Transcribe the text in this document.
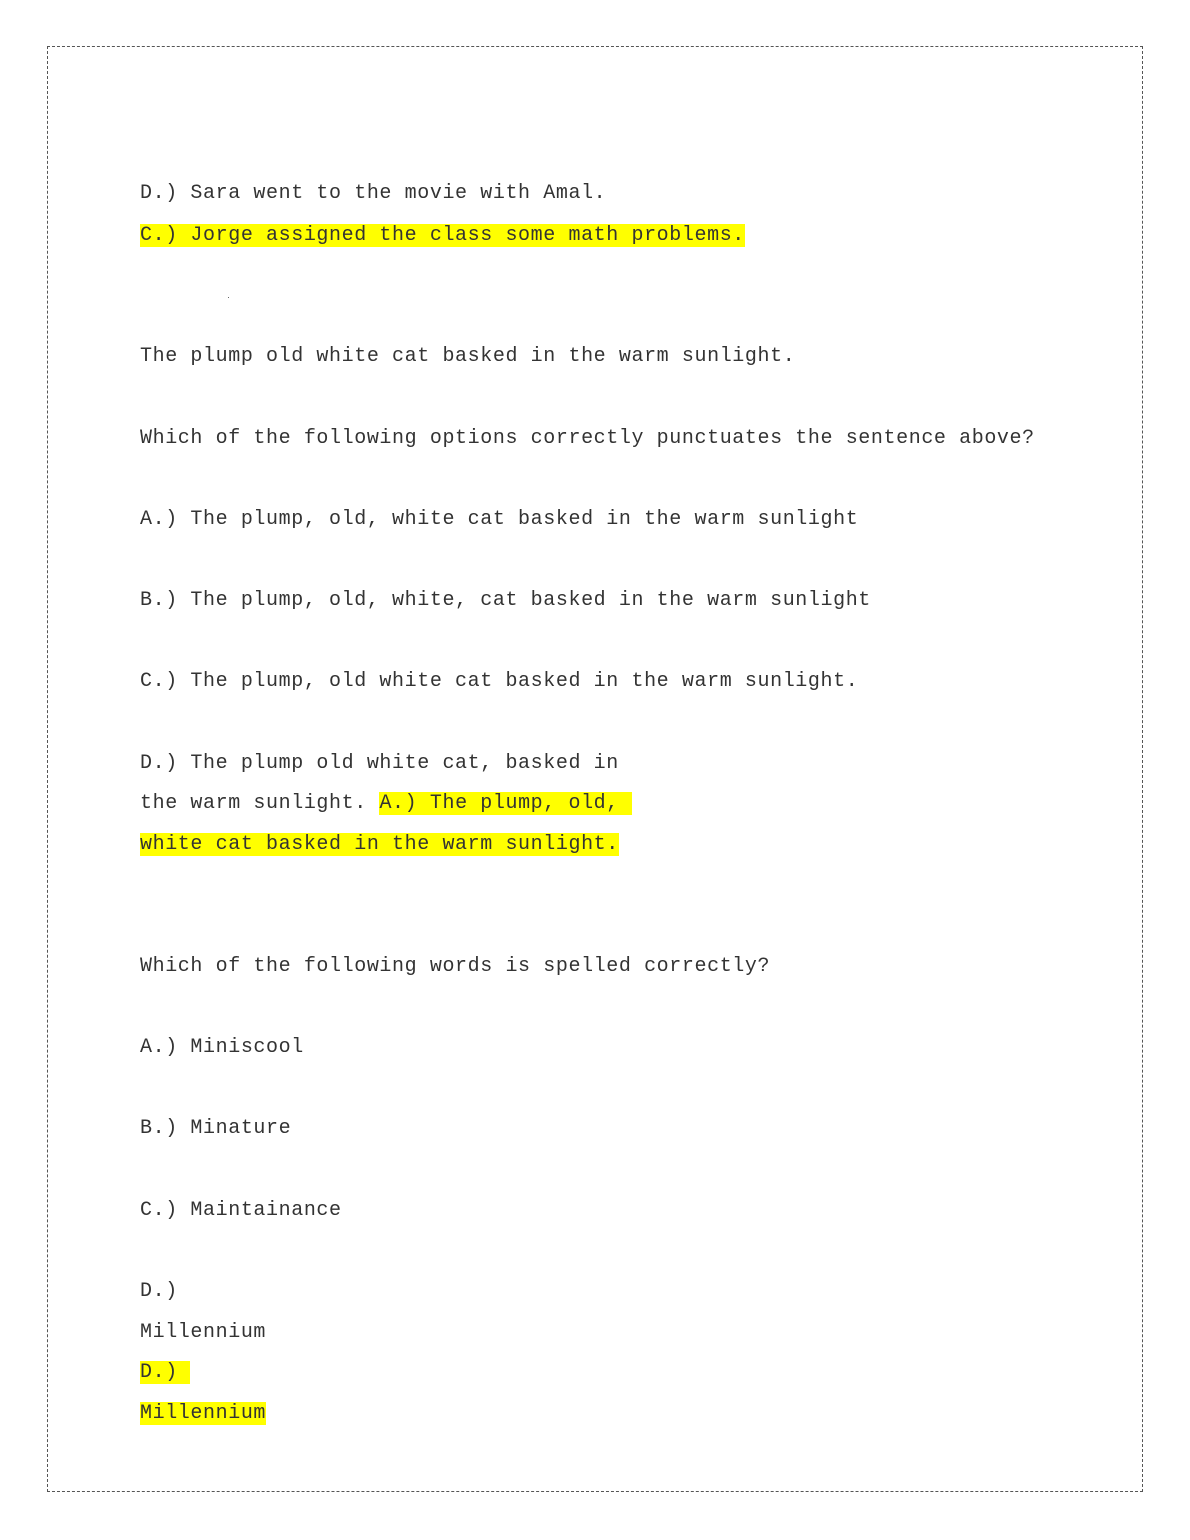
D.) Sara went to the movie with Amal.
C.) Jorge assigned the class some math problems.
The plump old white cat basked in the warm sunlight.
Which of the following options correctly punctuates the sentence above?
A.) The plump, old, white cat basked in the warm sunlight
B.) The plump, old, white, cat basked in the warm sunlight
C.) The plump, old white cat basked in the warm sunlight.
D.) The plump old white cat, basked in
the warm sunlight. A.) The plump, old,
white cat basked in the warm sunlight.
Which of the following words is spelled correctly?
A.) Miniscool
B.) Minature
C.) Maintainance
D.)
Millennium
D.)
Millennium
